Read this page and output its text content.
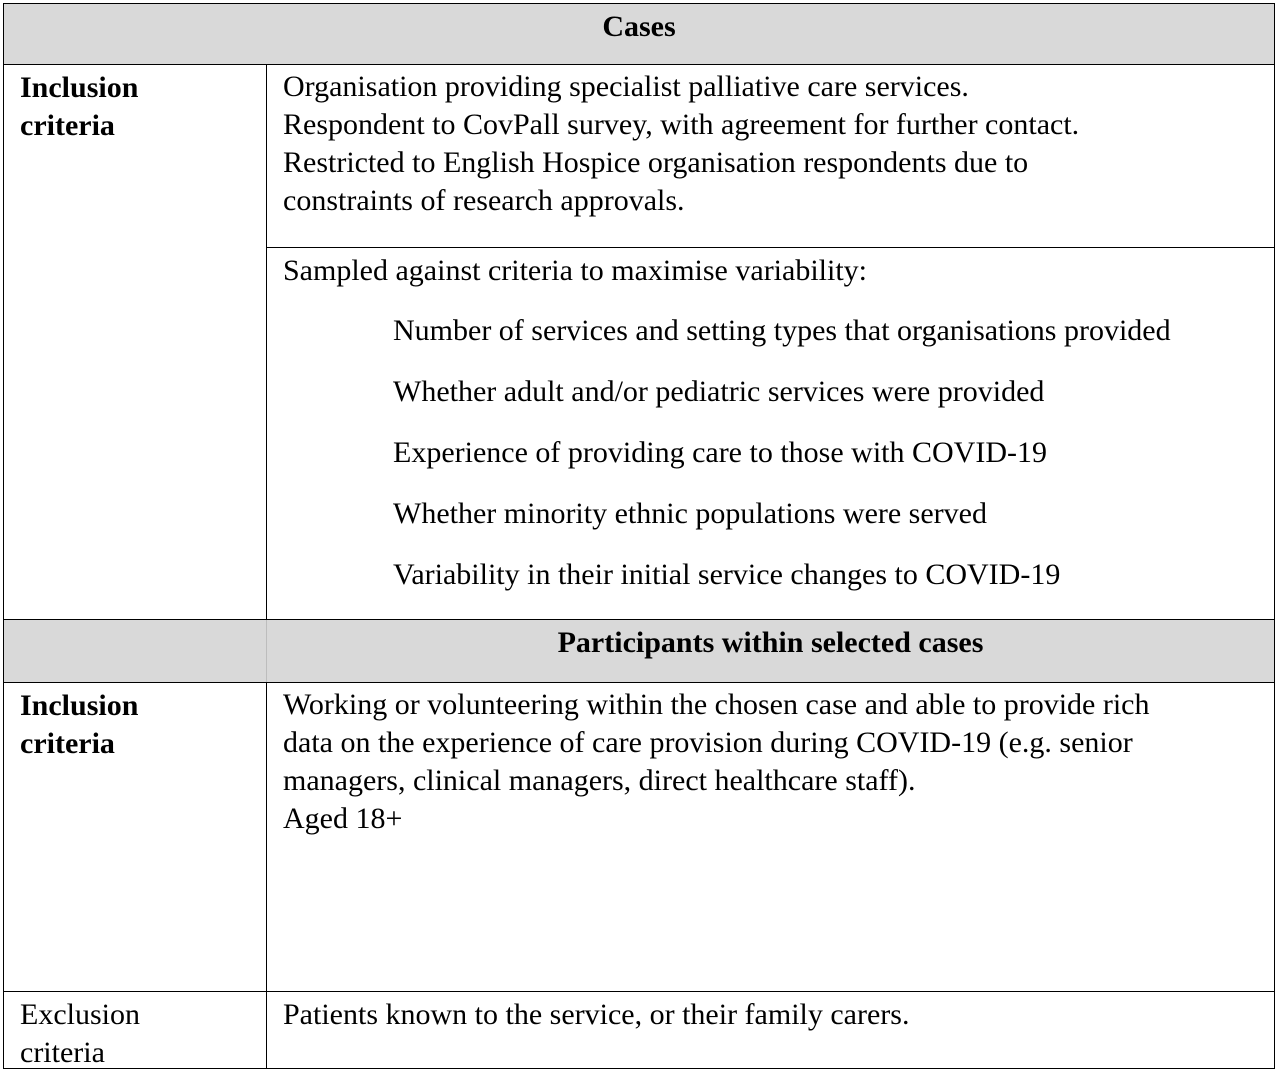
Cases
Inclusion criteria
Organisation providing specialist palliative care services.
Respondent to CovPall survey, with agreement for further contact.
Restricted to English Hospice organisation respondents due to
constraints of research approvals.
Sampled against criteria to maximise variability:
Number of services and setting types that organisations provided
Whether adult and/or pediatric services were provided
Experience of providing care to those with COVID-19
Whether minority ethnic populations were served
Variability in their initial service changes to COVID-19
Participants within selected cases
Inclusion criteria
Working or volunteering within the chosen case and able to provide rich
data on the experience of care provision during COVID-19 (e.g. senior
managers, clinical managers, direct healthcare staff).
Aged 18+
Exclusion criteria
Patients known to the service, or their family carers.
